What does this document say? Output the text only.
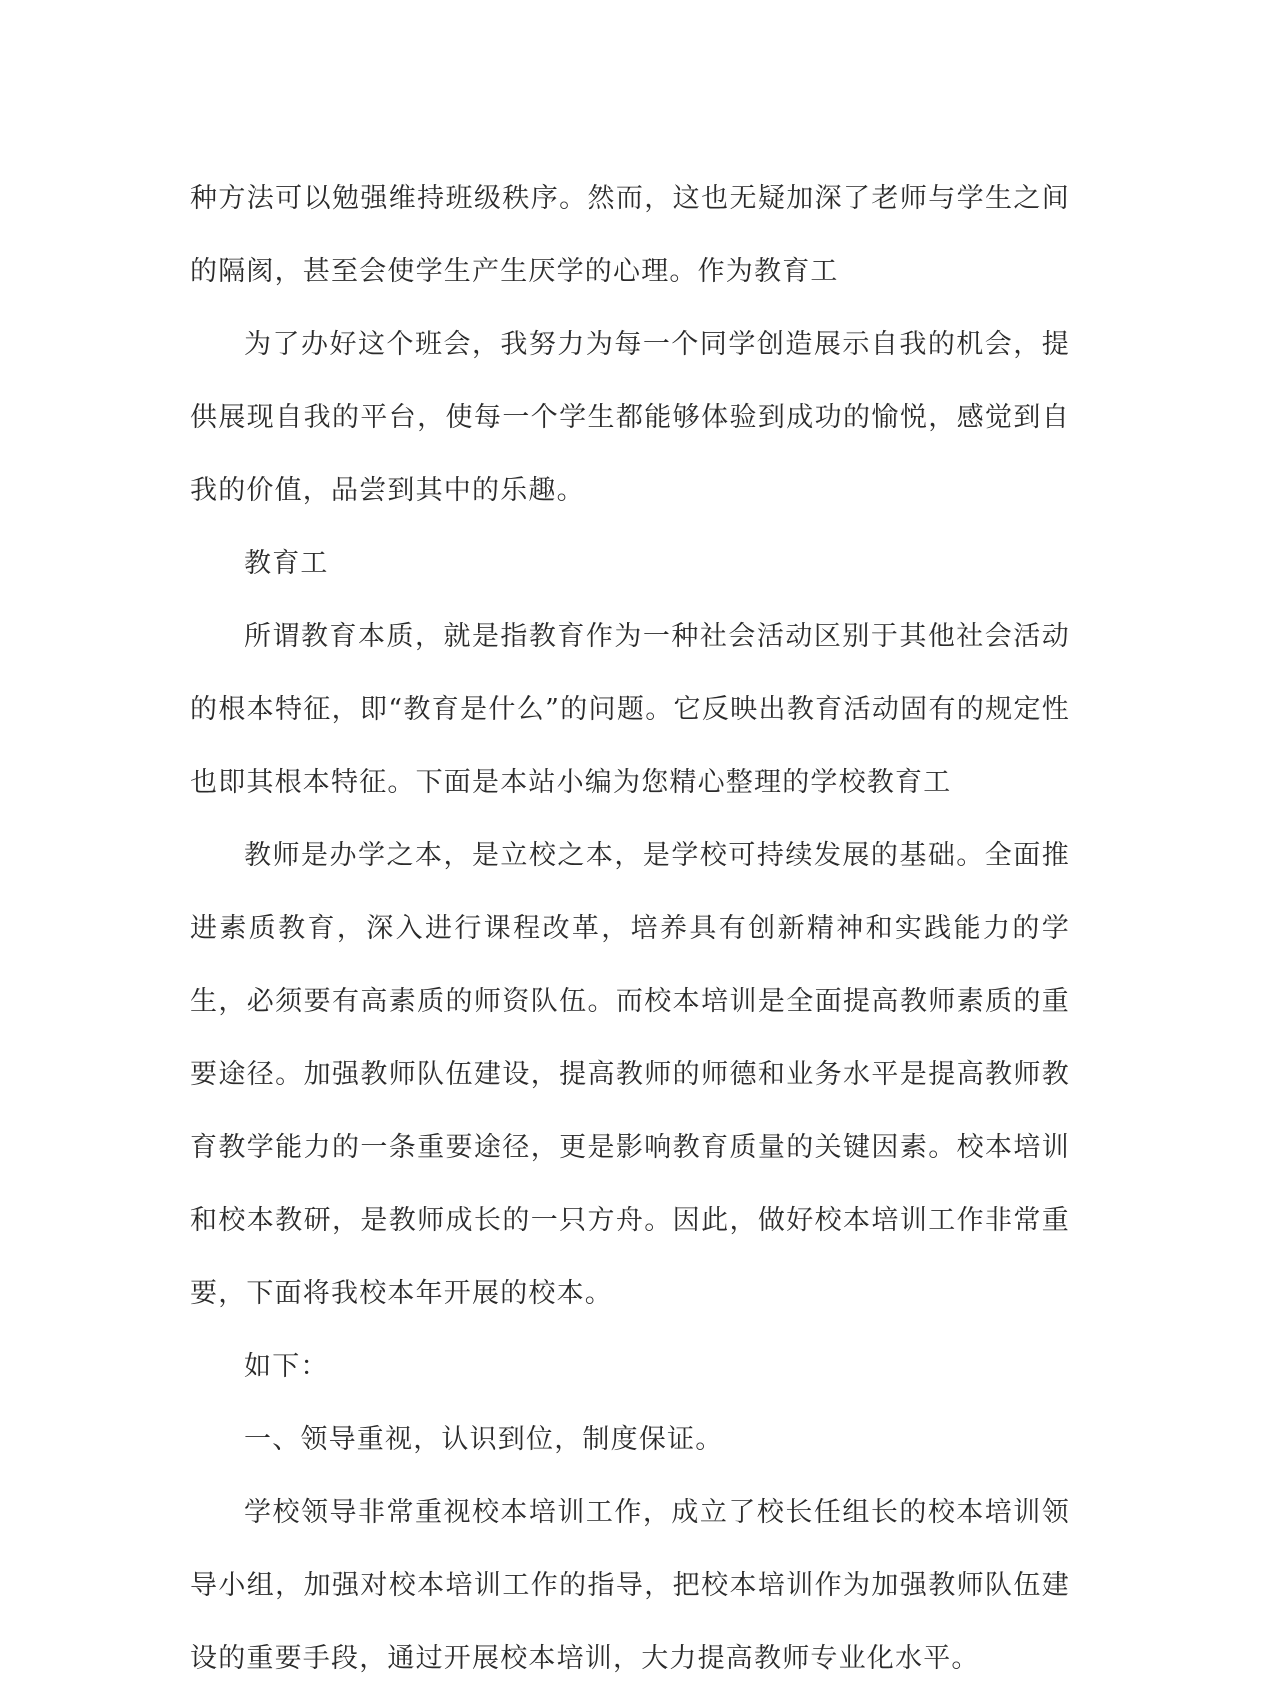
种方法可以勉强维持班级秩序。然而，这也无疑加深了老师与学生之间的隔阂，甚至会使学生产生厌学的心理。作为教育工

为了办好这个班会，我努力为每一个同学创造展示自我的机会，提供展现自我的平台，使每一个学生都能够体验到成功的愉悦，感觉到自我的价值，品尝到其中的乐趣。

教育工

所谓教育本质，就是指教育作为一种社会活动区别于其他社会活动的根本特征，即“教育是什么”的问题。它反映出教育活动固有的规定性也即其根本特征。下面是本站小编为您精心整理的学校教育工

教师是办学之本，是立校之本，是学校可持续发展的基础。全面推进素质教育，深入进行课程改革，培养具有创新精神和实践能力的学生，必须要有高素质的师资队伍。而校本培训是全面提高教师素质的重要途径。加强教师队伍建设，提高教师的师德和业务水平是提高教师教育教学能力的一条重要途径，更是影响教育质量的关键因素。校本培训和校本教研，是教师成长的一只方舟。因此，做好校本培训工作非常重要，下面将我校本年开展的校本。

如下：

一、领导重视，认识到位，制度保证。

学校领导非常重视校本培训工作，成立了校长任组长的校本培训领导小组，加强对校本培训工作的指导，把校本培训作为加强教师队伍建设的重要手段，通过开展校本培训，大力提高教师专业化水平。
